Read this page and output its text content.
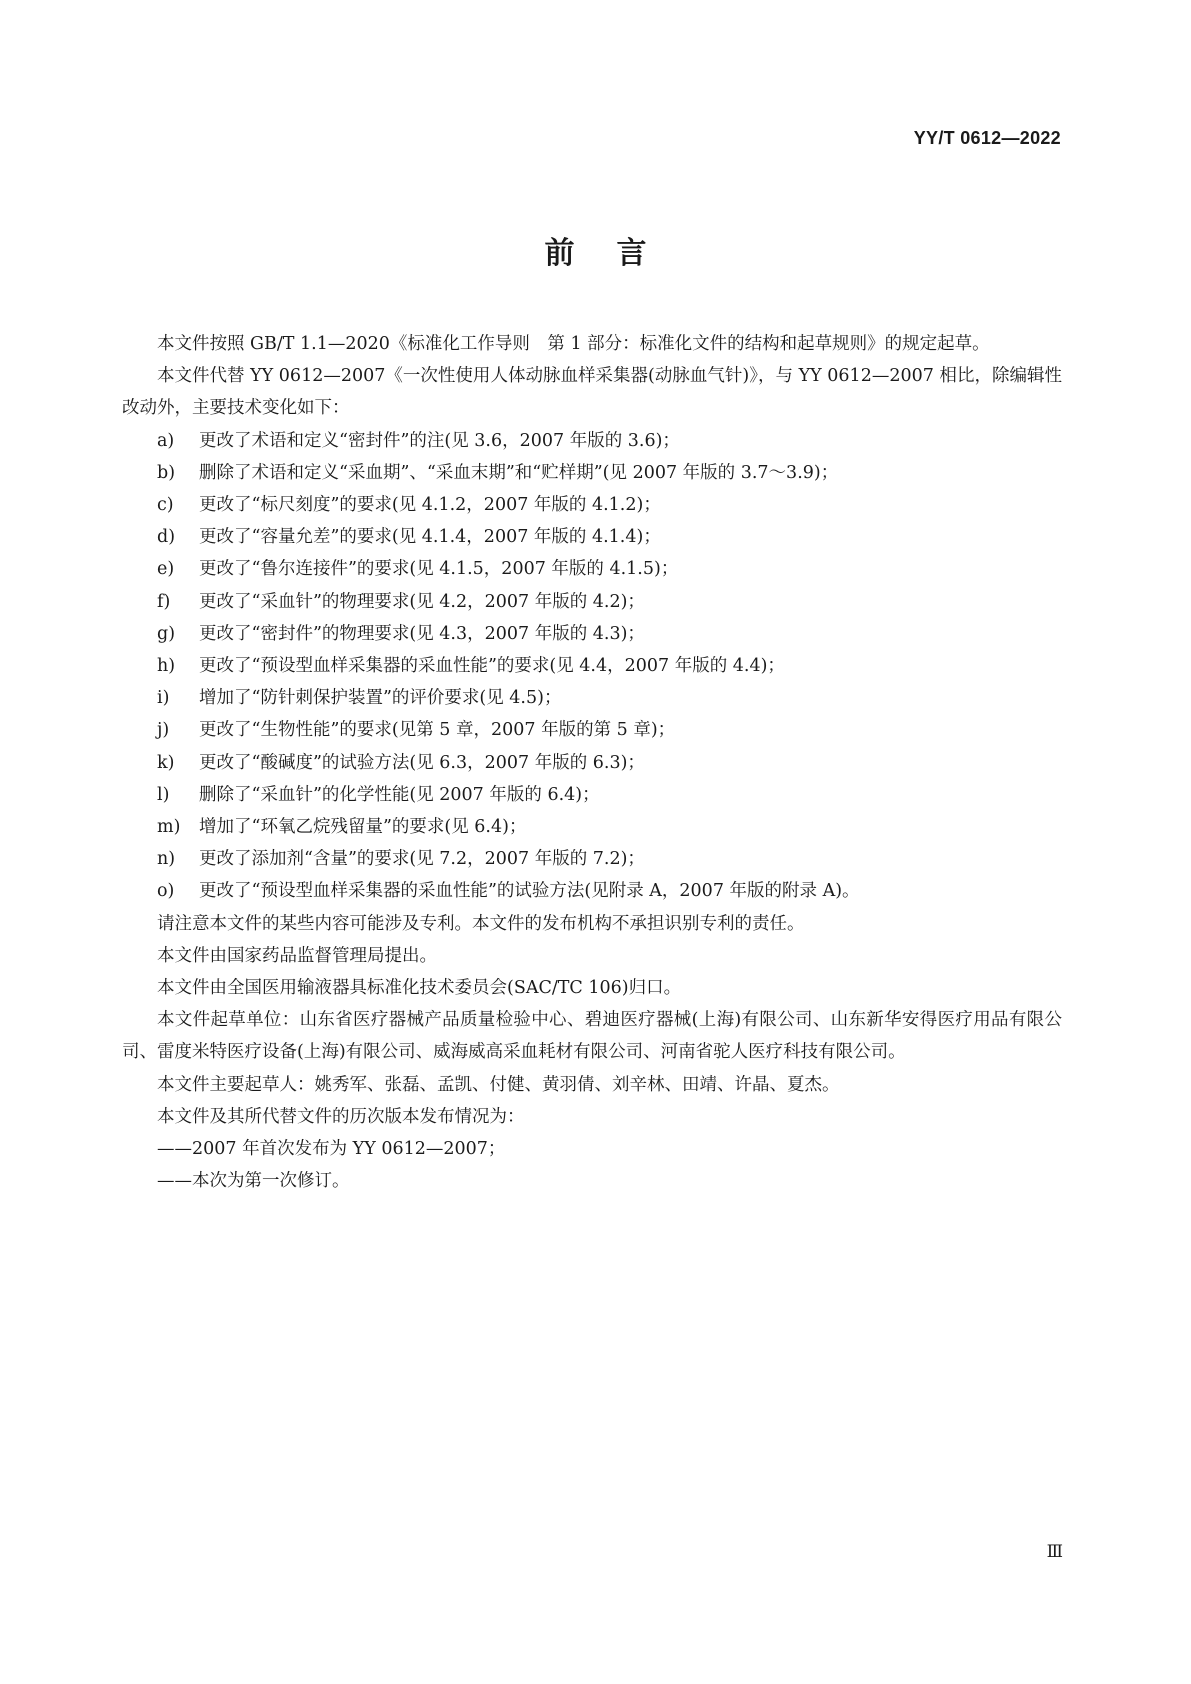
YY/T 0612—2022
前言

本文件按照 GB/T 1.1—2020《标准化工作导则　第 1 部分：标准化文件的结构和起草规则》的规定起草。

本文件代替 YY 0612—2007《一次性使用人体动脉血样采集器(动脉血气针)》，与 YY 0612—2007 相比，除编辑性改动外，主要技术变化如下：

a)	更改了术语和定义“密封件”的注(见 3.6，2007 年版的 3.6)；
b)	删除了术语和定义“采血期”、“采血末期”和“贮样期”(见 2007 年版的 3.7～3.9)；
c)	更改了“标尺刻度”的要求(见 4.1.2，2007 年版的 4.1.2)；
d)	更改了“容量允差”的要求(见 4.1.4，2007 年版的 4.1.4)；
e)	更改了“鲁尔连接件”的要求(见 4.1.5，2007 年版的 4.1.5)；
f)	更改了“采血针”的物理要求(见 4.2，2007 年版的 4.2)；
g)	更改了“密封件”的物理要求(见 4.3，2007 年版的 4.3)；
h)	更改了“预设型血样采集器的采血性能”的要求(见 4.4，2007 年版的 4.4)；
i)	增加了“防针刺保护装置”的评价要求(见 4.5)；
j)	更改了“生物性能”的要求(见第 5 章，2007 年版的第 5 章)；
k)	更改了“酸碱度”的试验方法(见 6.3，2007 年版的 6.3)；
l)	删除了“采血针”的化学性能(见 2007 年版的 6.4)；
m)	增加了“环氧乙烷残留量”的要求(见 6.4)；
n)	更改了添加剂“含量”的要求(见 7.2，2007 年版的 7.2)；
o)	更改了“预设型血样采集器的采血性能”的试验方法(见附录 A，2007 年版的附录 A)。

请注意本文件的某些内容可能涉及专利。本文件的发布机构不承担识别专利的责任。

本文件由国家药品监督管理局提出。

本文件由全国医用输液器具标准化技术委员会(SAC/TC 106)归口。

本文件起草单位：山东省医疗器械产品质量检验中心、碧迪医疗器械(上海)有限公司、山东新华安得医疗用品有限公司、雷度米特医疗设备(上海)有限公司、威海威高采血耗材有限公司、河南省驼人医疗科技有限公司。

本文件主要起草人：姚秀军、张磊、孟凯、付健、黄羽倩、刘辛林、田靖、许晶、夏杰。

本文件及其所代替文件的历次版本发布情况为：

——2007 年首次发布为 YY 0612—2007；

——本次为第一次修订。

Ⅲ
